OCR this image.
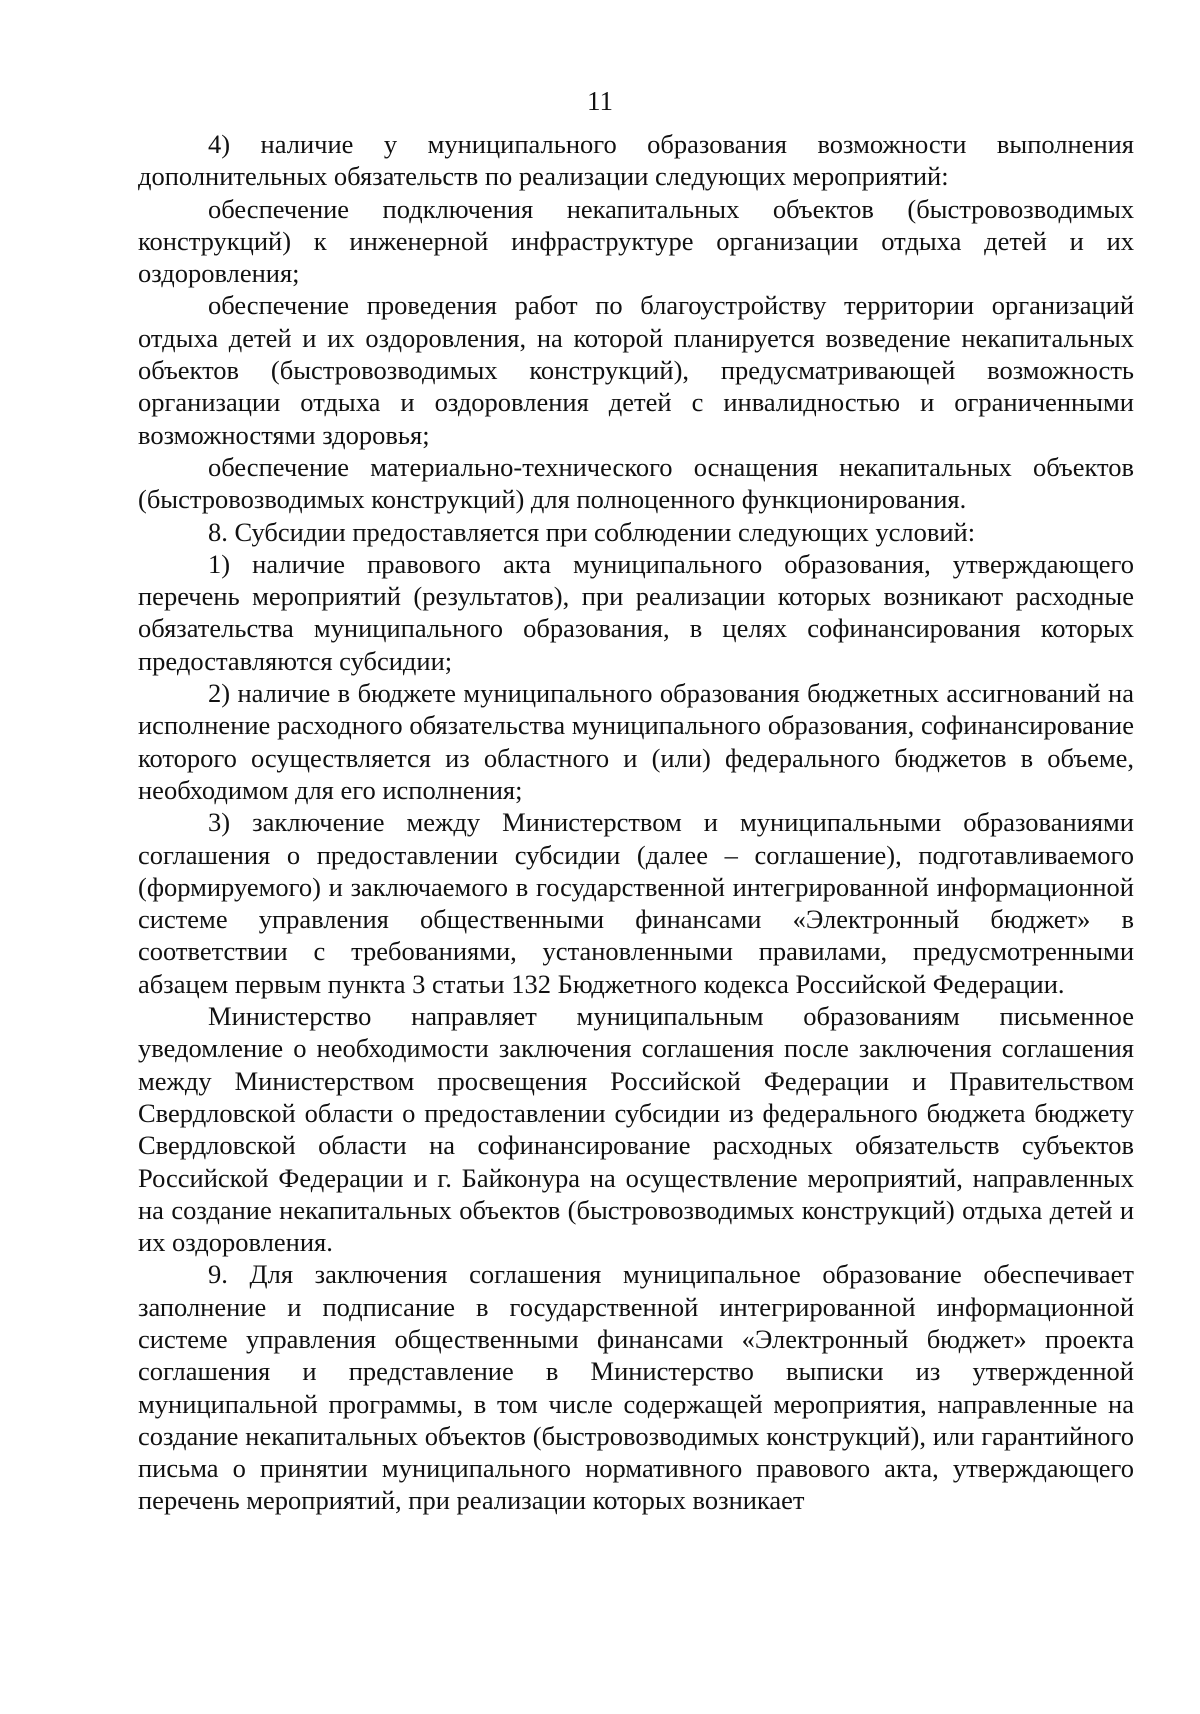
11

4) наличие у муниципального образования возможности выполнения дополнительных обязательств по реализации следующих мероприятий:

обеспечение подключения некапитальных объектов (быстровозводимых конструкций) к инженерной инфраструктуре организации отдыха детей и их оздоровления;

обеспечение проведения работ по благоустройству территории организаций отдыха детей и их оздоровления, на которой планируется возведение некапитальных объектов (быстровозводимых конструкций), предусматривающей возможность организации отдыха и оздоровления детей с инвалидностью и ограниченными возможностями здоровья;

обеспечение материально-технического оснащения некапитальных объектов (быстровозводимых конструкций) для полноценного функционирования.

8. Субсидии предоставляется при соблюдении следующих условий:

1) наличие правового акта муниципального образования, утверждающего перечень мероприятий (результатов), при реализации которых возникают расходные обязательства муниципального образования, в целях софинансирования которых предоставляются субсидии;

2) наличие в бюджете муниципального образования бюджетных ассигнований на исполнение расходного обязательства муниципального образования, софинансирование которого осуществляется из областного и (или) федерального бюджетов в объеме, необходимом для его исполнения;

3) заключение между Министерством и муниципальными образованиями соглашения о предоставлении субсидии (далее – соглашение), подготавливаемого (формируемого) и заключаемого в государственной интегрированной информационной системе управления общественными финансами «Электронный бюджет» в соответствии с требованиями, установленными правилами, предусмотренными абзацем первым пункта 3 статьи 132 Бюджетного кодекса Российской Федерации.

Министерство направляет муниципальным образованиям письменное уведомление о необходимости заключения соглашения после заключения соглашения между Министерством просвещения Российской Федерации и Правительством Свердловской области о предоставлении субсидии из федерального бюджета бюджету Свердловской области на софинансирование расходных обязательств субъектов Российской Федерации и г. Байконура на осуществление мероприятий, направленных на создание некапитальных объектов (быстровозводимых конструкций) отдыха детей и их оздоровления.

9. Для заключения соглашения муниципальное образование обеспечивает заполнение и подписание в государственной интегрированной информационной системе управления общественными финансами «Электронный бюджет» проекта соглашения и представление в Министерство выписки из утвержденной муниципальной программы, в том числе содержащей мероприятия, направленные на создание некапитальных объектов (быстровозводимых конструкций), или гарантийного письма о принятии муниципального нормативного правового акта, утверждающего перечень мероприятий, при реализации которых возникает
